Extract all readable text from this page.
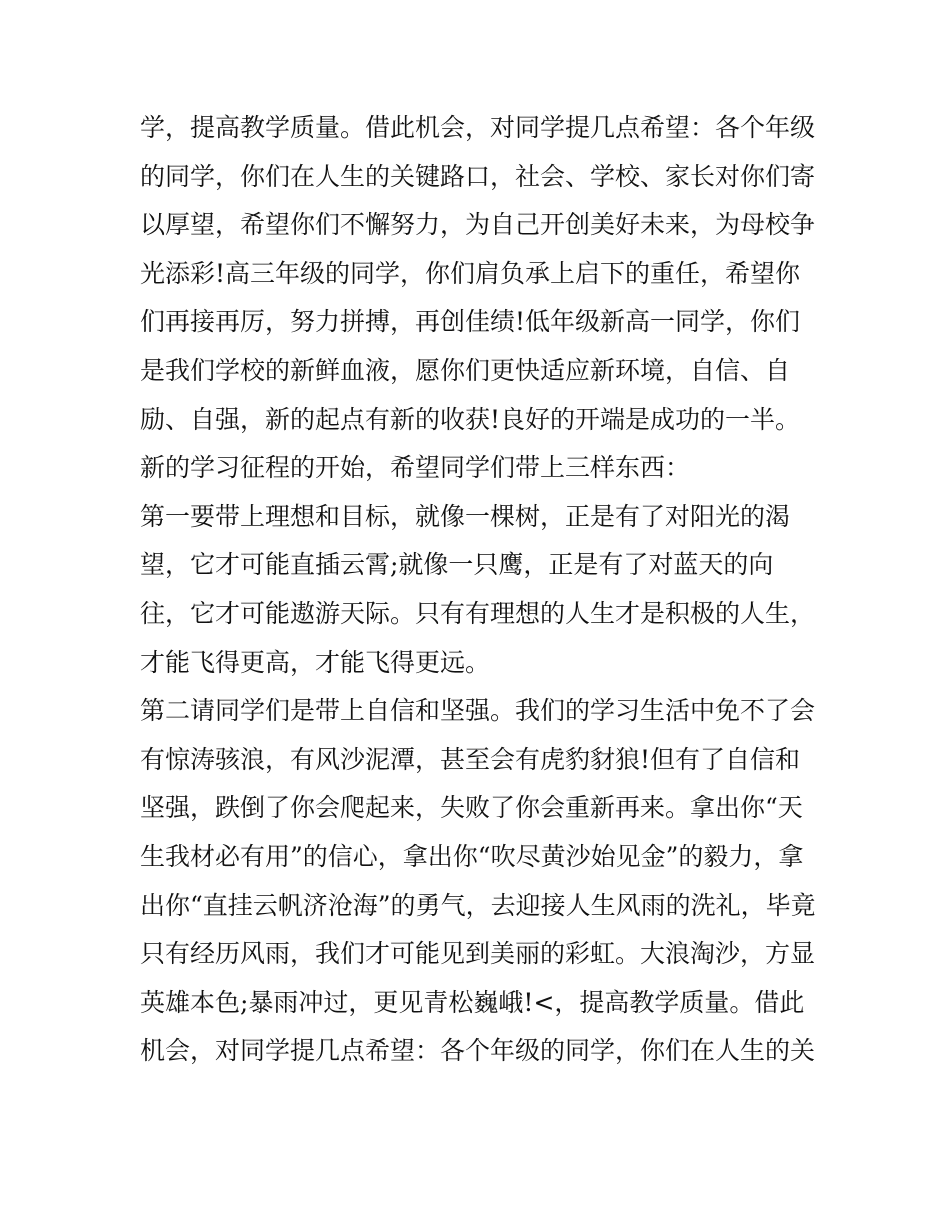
学，提高教学质量。借此机会，对同学提几点希望：各个年级
的同学，你们在人生的关键路口，社会、学校、家长对你们寄
以厚望，希望你们不懈努力，为自己开创美好未来，为母校争
光添彩!高三年级的同学，你们肩负承上启下的重任，希望你
们再接再厉，努力拼搏，再创佳绩!低年级新高一同学，你们
是我们学校的新鲜血液，愿你们更快适应新环境，自信、自
励、自强，新的起点有新的收获!良好的开端是成功的一半。
新的学习征程的开始，希望同学们带上三样东西：
第一要带上理想和目标，就像一棵树，正是有了对阳光的渴
望，它才可能直插云霄;就像一只鹰，正是有了对蓝天的向
往，它才可能遨游天际。只有有理想的人生才是积极的人生，
才能飞得更高，才能飞得更远。
第二请同学们是带上自信和坚强。我们的学习生活中免不了会
有惊涛骇浪，有风沙泥潭，甚至会有虎豹豺狼!但有了自信和
坚强，跌倒了你会爬起来，失败了你会重新再来。拿出你“天
生我材必有用”的信心，拿出你“吹尽黄沙始见金”的毅力，拿
出你“直挂云帆济沧海”的勇气，去迎接人生风雨的洗礼，毕竟
只有经历风雨，我们才可能见到美丽的彩虹。大浪淘沙，方显
英雄本色;暴雨冲过，更见青松巍峨!<，提高教学质量。借此
机会，对同学提几点希望：各个年级的同学，你们在人生的关
